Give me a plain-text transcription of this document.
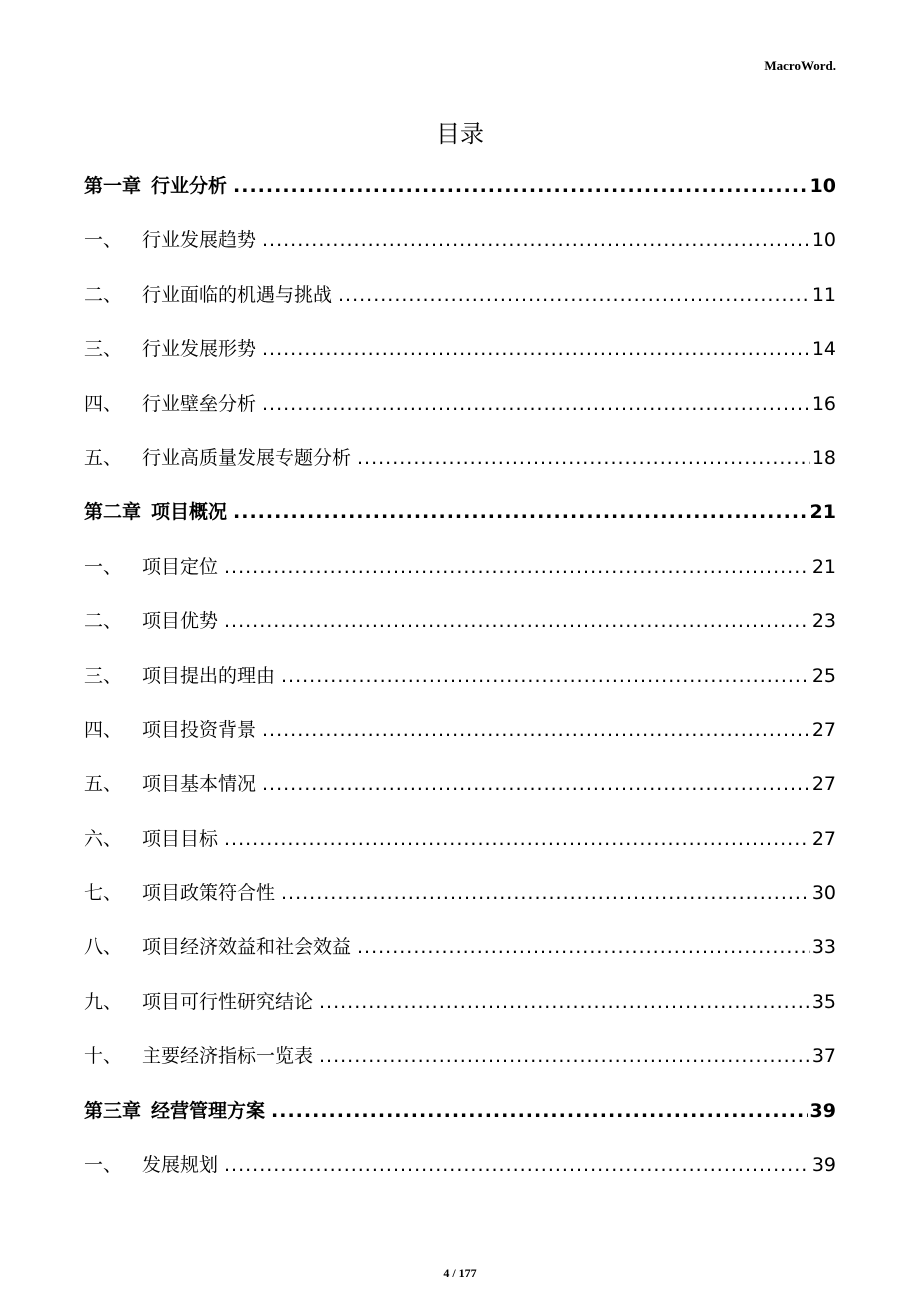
MacroWord.
目录
第一章 行业分析 .....	10
一、	行业发展趋势 .....	10
二、	行业面临的机遇与挑战 .....	11
三、	行业发展形势 .....	14
四、	行业壁垒分析 .....	16
五、	行业高质量发展专题分析 .....	18
第二章 项目概况 .....	21
一、	项目定位 .....	21
二、	项目优势 .....	23
三、	项目提出的理由 .....	25
四、	项目投资背景 .....	27
五、	项目基本情况 .....	27
六、	项目目标 .....	27
七、	项目政策符合性 .....	30
八、	项目经济效益和社会效益 .....	33
九、	项目可行性研究结论 .....	35
十、	主要经济指标一览表 .....	37
第三章 经营管理方案 .....	39
一、	发展规划 .....	39
4 / 177
